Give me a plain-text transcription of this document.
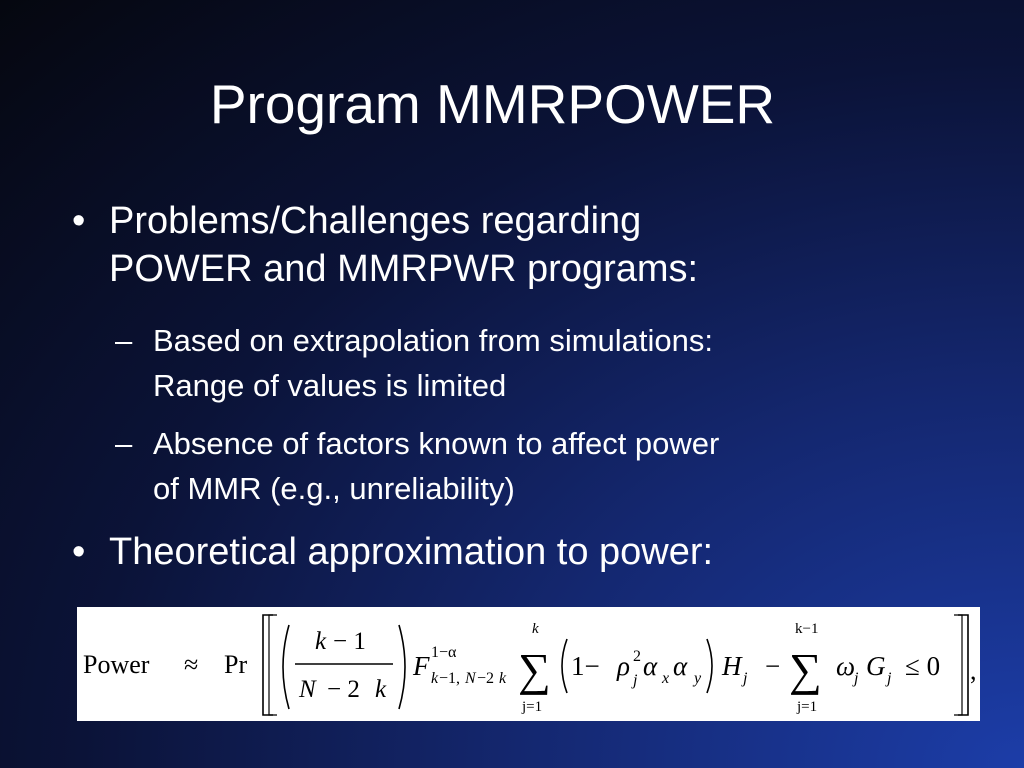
Program MMRPOWER
• Problems/Challenges regarding
POWER and MMRPWR programs:
– Based on extrapolation from simulations:
Range of values is limited
– Absence of factors known to affect power
of MMR (e.g., unreliability)
• Theoretical approximation to power:
Power ≈ Pr
k − 1
N − 2 k
F 1−α
k −1, N −2 k
k
∑
j=1
1− ρ 2
j α x α y H j −
k−1
∑
j=1
ω
j G j ≤ 0 ,
